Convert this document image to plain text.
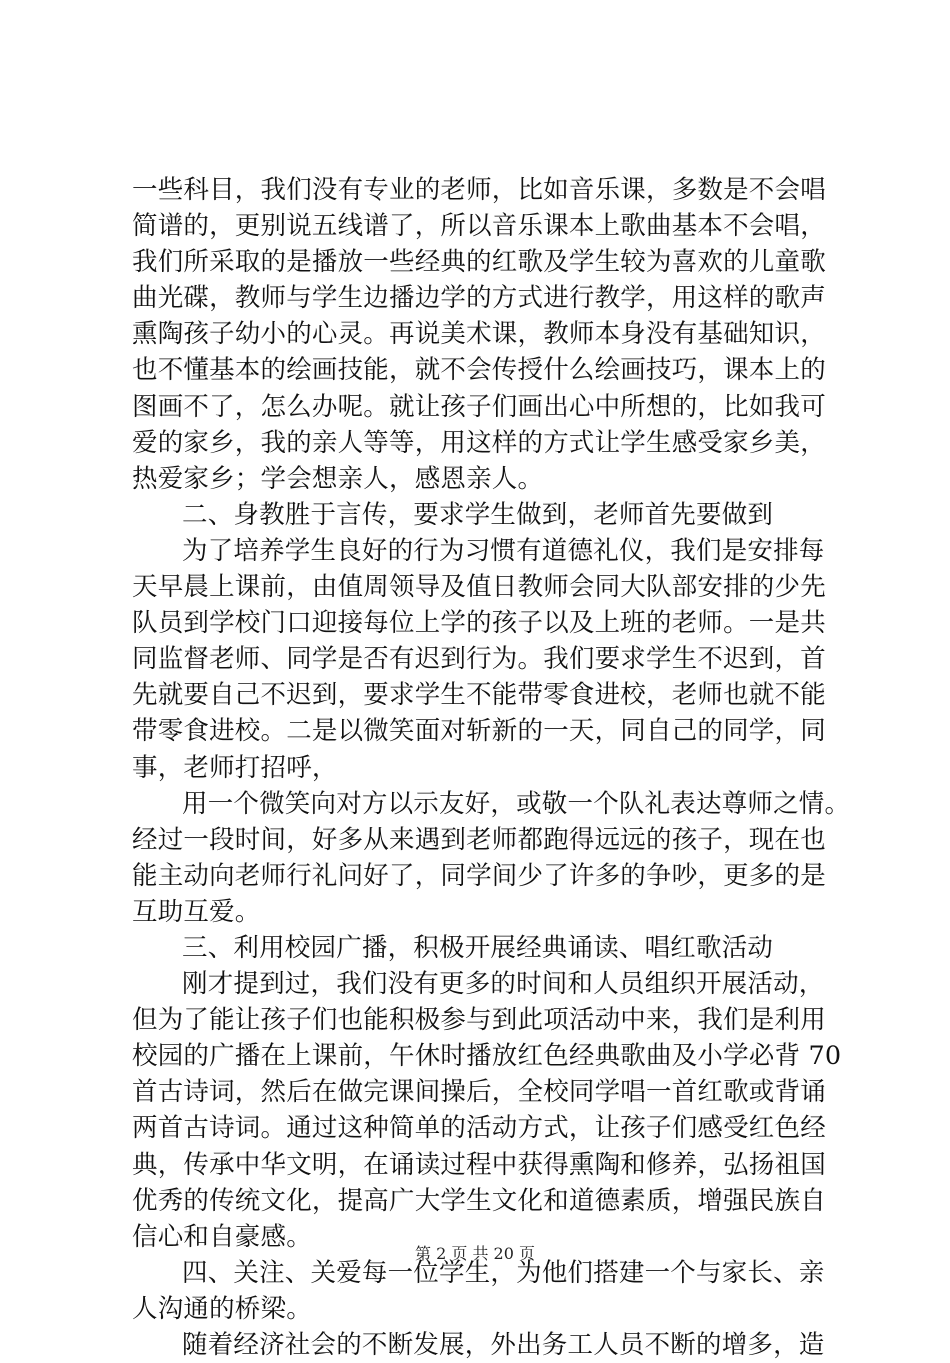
一些科目，我们没有专业的老师，比如音乐课，多数是不会唱
简谱的，更别说五线谱了，所以音乐课本上歌曲基本不会唱，
我们所采取的是播放一些经典的红歌及学生较为喜欢的儿童歌
曲光碟，教师与学生边播边学的方式进行教学，用这样的歌声
熏陶孩子幼小的心灵。再说美术课，教师本身没有基础知识，
也不懂基本的绘画技能，就不会传授什么绘画技巧，课本上的
图画不了，怎么办呢。就让孩子们画出心中所想的，比如我可
爱的家乡，我的亲人等等，用这样的方式让学生感受家乡美，
热爱家乡；学会想亲人，感恩亲人。
二、身教胜于言传，要求学生做到，老师首先要做到
为了培养学生良好的行为习惯有道德礼仪，我们是安排每
天早晨上课前，由值周领导及值日教师会同大队部安排的少先
队员到学校门口迎接每位上学的孩子以及上班的老师。一是共
同监督老师、同学是否有迟到行为。我们要求学生不迟到，首
先就要自己不迟到，要求学生不能带零食进校，老师也就不能
带零食进校。二是以微笑面对斩新的一天，同自己的同学，同
事，老师打招呼，
用一个微笑向对方以示友好，或敬一个队礼表达尊师之情。
经过一段时间，好多从来遇到老师都跑得远远的孩子，现在也
能主动向老师行礼问好了，同学间少了许多的争吵，更多的是
互助互爱。
三、利用校园广播，积极开展经典诵读、唱红歌活动
刚才提到过，我们没有更多的时间和人员组织开展活动，
但为了能让孩子们也能积极参与到此项活动中来，我们是利用
校园的广播在上课前，午休时播放红色经典歌曲及小学必背 70
首古诗词，然后在做完课间操后，全校同学唱一首红歌或背诵
两首古诗词。通过这种简单的活动方式，让孩子们感受红色经
典，传承中华文明，在诵读过程中获得熏陶和修养，弘扬祖国
优秀的传统文化，提高广大学生文化和道德素质，增强民族自
信心和自豪感。
四、关注、关爱每一位学生，为他们搭建一个与家长、亲
人沟通的桥梁。
随着经济社会的不断发展，外出务工人员不断的增多，造
第 2 页 共 20 页
